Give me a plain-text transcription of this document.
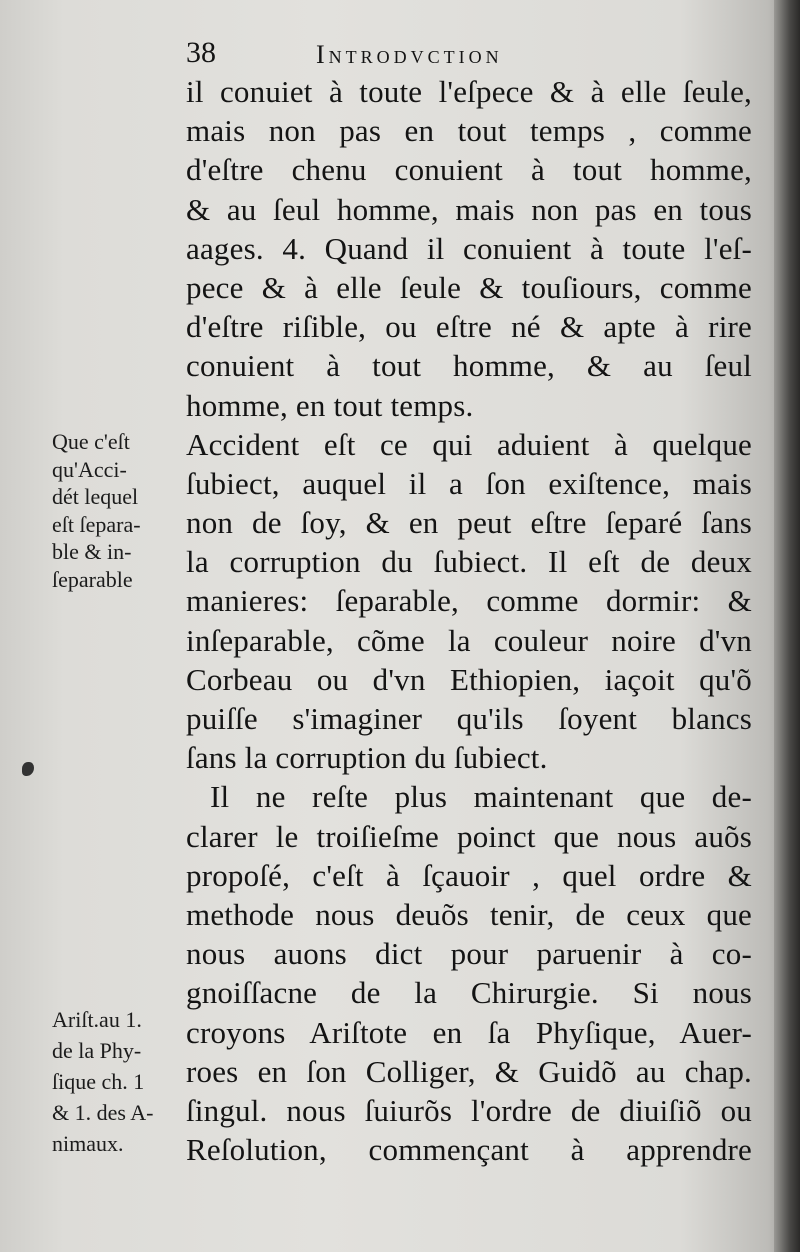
38	Introdvction
il conuiet à toute l'eſpece & à elle ſeule,
mais non pas en tout temps , comme
d'eſtre chenu conuient à tout homme,
& au ſeul homme, mais non pas en tous
aages. 4. Quand il conuient à toute l'eſ-
pece & à elle ſeule & touſiours, comme
d'eſtre riſible, ou eſtre né & apte à rire
conuient à tout homme, & au ſeul
homme, en tout temps.
Accident eſt ce qui aduient à quelque
ſubiect, auquel il a ſon exiſtence, mais
non de ſoy, & en peut eſtre ſeparé ſans
la corruption du ſubiect. Il eſt de deux
manieres: ſeparable, comme dormir: &
inſeparable, cõme la couleur noire d'vn
Corbeau ou d'vn Ethiopien, iaçoit qu'õ
puiſſe s'imaginer qu'ils ſoyent blancs
ſans la corruption du ſubiect.
Il ne reſte plus maintenant que de-
clarer le troiſieſme poinct que nous auõs
propoſé, c'eſt à ſçauoir , quel ordre &
methode nous deuõs tenir, de ceux que
nous auons dict pour paruenir à co-
gnoiſſacne de la Chirurgie. Si nous
croyons Ariſtote en ſa Phyſique, Auer-
roes en ſon Colliger, & Guidõ au chap.
ſingul. nous ſuiurõs l'ordre de diuiſiõ ou
Reſolution, commençant à apprendre
Que c'eſt
qu'Acci-
dét lequel
eſt ſepara-
ble & in-
ſeparable
Ariſt.au 1.
de la Phy-
ſique ch. 1
& 1. des A-
nimaux.
